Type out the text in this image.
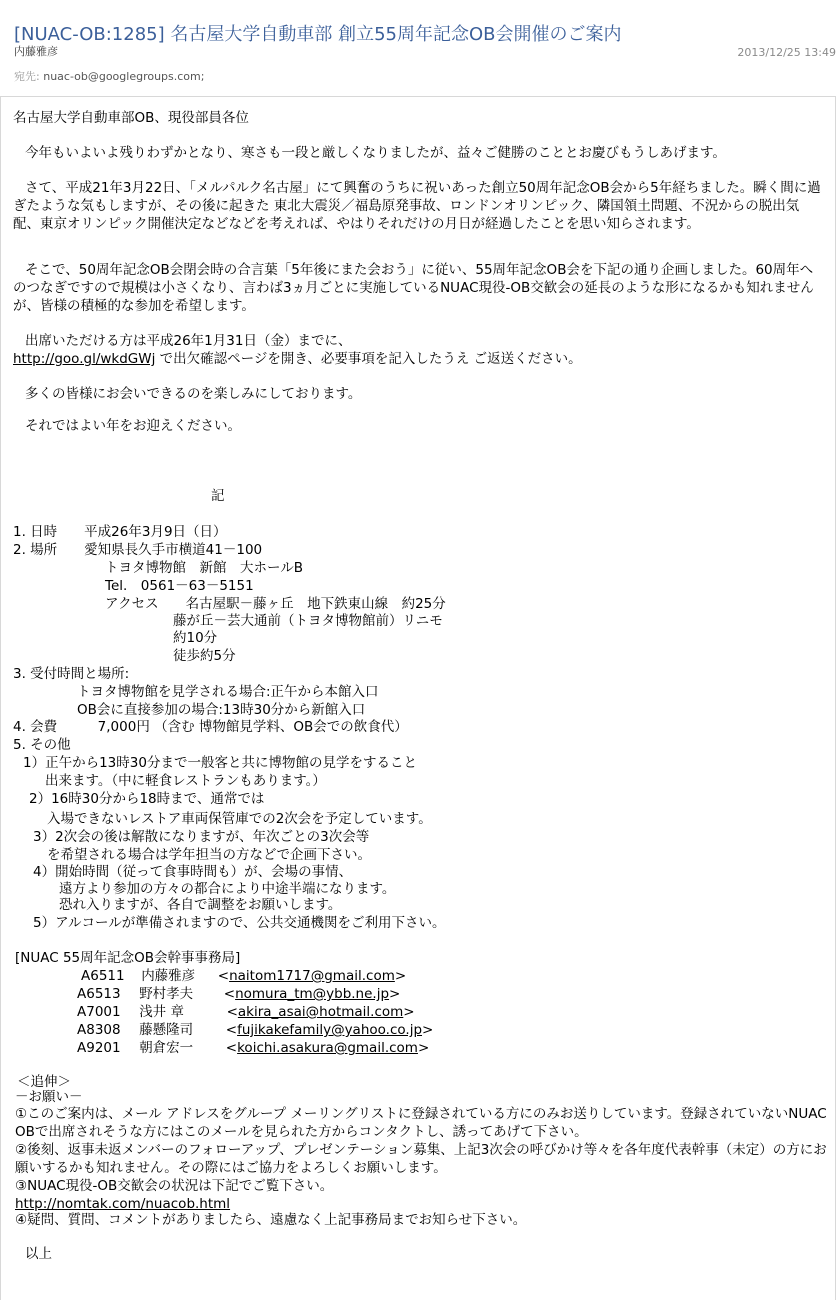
[NUAC-OB:1285] 名古屋大学自動車部 創立55周年記念OB会開催のご案内
内藤雅彦	2013/12/25 13:49
宛先: nuac-ob@googlegroups.com;
名古屋大学自動車部OB、現役部員各位
今年もいよいよ残りわずかとなり、寒さも一段と厳しくなりましたが、益々ご健勝のこととお慶びもうしあげます。
さて、平成21年3月22日、「メルパルク名古屋」にて興奮のうちに祝いあった創立50周年記念OB会から5年経ちました。瞬く間に過ぎたような気もしますが、その後に起きた 東北大震災／福島原発事故、ロンドンオリンピック、隣国領土問題、不況からの脱出気配、東京オリンピック開催決定などなどを考えれば、やはりそれだけの月日が経過したことを思い知らされます。
そこで、50周年記念OB会閉会時の合言葉「5年後にまた会おう」に従い、55周年記念OB会を下記の通り企画しました。60周年へのつなぎですので規模は小さくなり、言わば3ヵ月ごとに実施しているNUAC現役-OB交歓会の延長のような形になるかも知れませんが、皆様の積極的な参加を希望します。
出席いただける方は平成26年1月31日（金）までに、
http://goo.gl/wkdGWj で出欠確認ページを開き、必要事項を記入したうえ ご返送ください。
多くの皆様にお会いできるのを楽しみにしております。
それではよい年をお迎えください。
記
1. 日時　　平成26年3月9日（日）
2. 場所　　愛知県長久手市横道41－100
トヨタ博物館　新館　大ホールB
Tel.　0561－63－5151
アクセス　　名古屋駅－藤ヶ丘　地下鉄東山線　約25分
藤が丘－芸大通前（トヨタ博物館前）リニモ
約10分
徒歩約5分
3. 受付時間と場所:
トヨタ博物館を見学される場合:正午から本館入口
OB会に直接参加の場合:13時30分から新館入口
4. 会費　　　7,000円 （含む 博物館見学料、OB会での飲食代）
5. その他
1）正午から13時30分まで一般客と共に博物館の見学をすること
出来ます。（中に軽食レストランもあります。）
2）16時30分から18時まで、通常では
入場できないレストア車両保管庫での2次会を予定しています。
3）2次会の後は解散になりますが、年次ごとの3次会等
を希望される場合は学年担当の方などで企画下さい。
4）開始時間（従って食事時間も）が、会場の事情、
遠方より参加の方々の都合により中途半端になります。
恐れ入りますが、各自で調整をお願いします。
5）アルコールが準備されますので、公共交通機関をご利用下さい。
[NUAC 55周年記念OB会幹事事務局]
A6511 内藤雅彦  <naitom1717@gmail.com>
A6513 野村孝夫  <nomura_tm@ybb.ne.jp>
A7001 浅井 章	<akira_asai@hotmail.com>
A8308 藤懸隆司  <fujikakefamily@yahoo.co.jp>
A9201 朝倉宏一  <koichi.asakura@gmail.com>
＜追伸＞
－お願い－
①このご案内は、メール アドレスをグループ メーリングリストに登録されている方にのみお送りしています。登録されていないNUAC OBで出席されそうな方にはこのメールを見られた方からコンタクトし、誘ってあげて下さい。
②後刻、返事未返メンバーのフォローアップ、プレゼンテーション募集、上記3次会の呼びかけ等々を各年度代表幹事（未定）の方にお願いするかも知れません。その際にはご協力をよろしくお願いします。
③NUAC現役-OB交歓会の状況は下記でご覧下さい。
http://nomtak.com/nuacob.html
④疑問、質問、コメントがありましたら、遠慮なく上記事務局までお知らせ下さい。
以上
